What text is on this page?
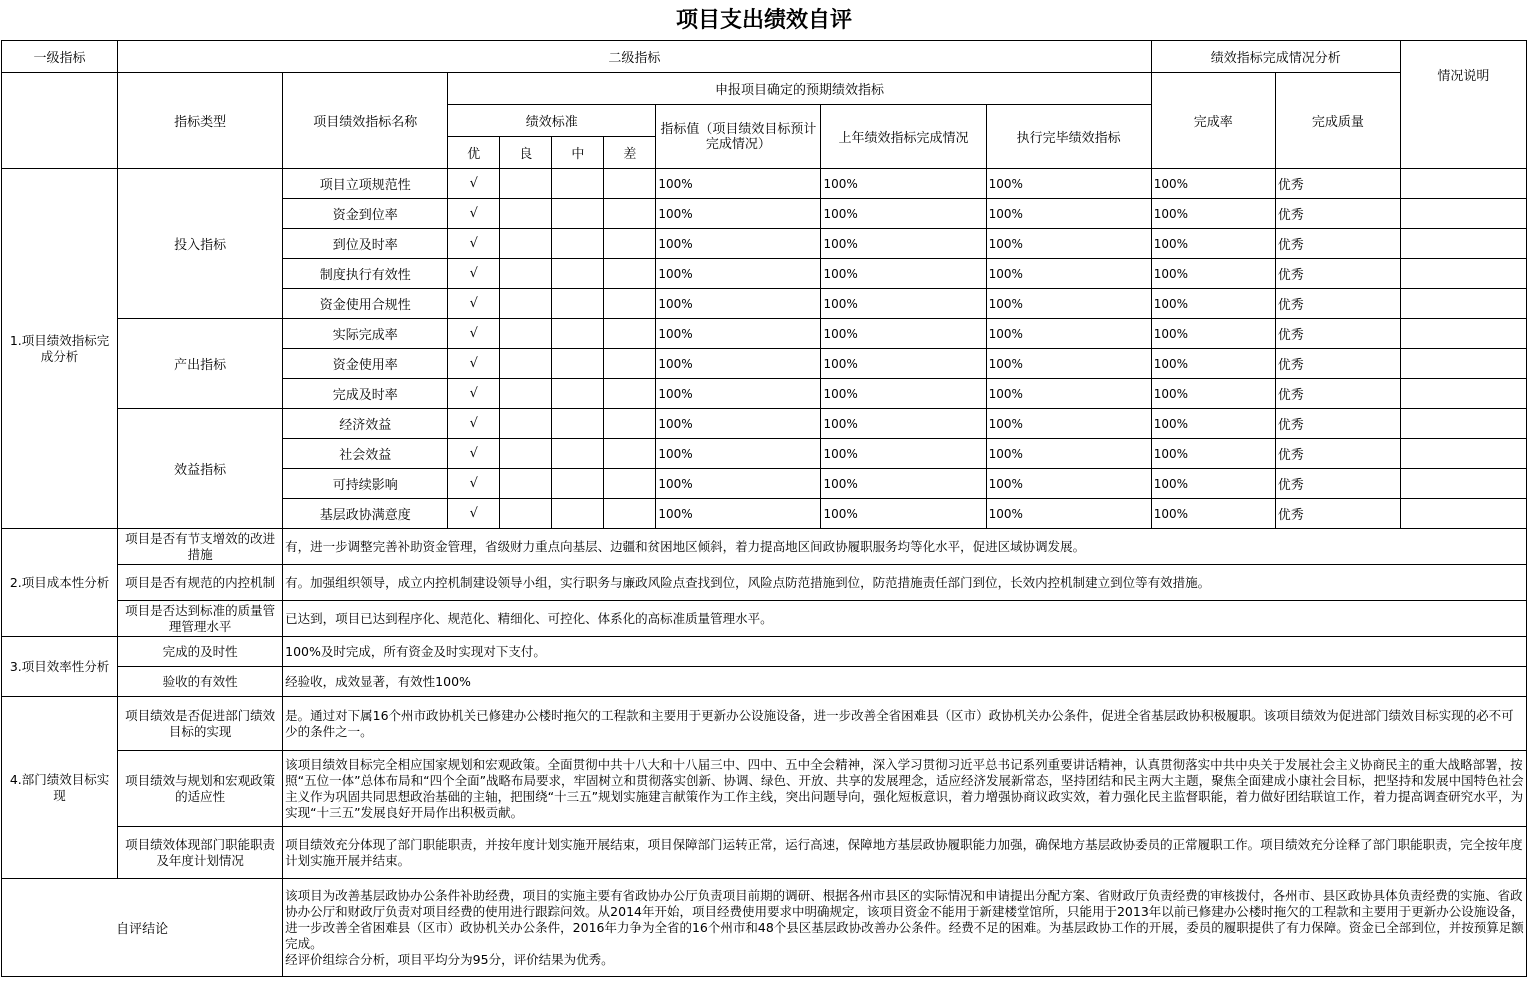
项目支出绩效自评
一级指标	二级指标									绩效指标完成情况分析		情况说明
	指标类型	项目绩效指标名称	申报项目确定的预期绩效指标							完成率	完成质量	
			绩效标准				指标值（项目绩效目标预计完成情况）	上年绩效指标完成情况	执行完毕绩效指标			
			优	良	中	差						
1.项目绩效指标完成分析	投入指标	项目立项规范性	√				100%	100%	100%	100%	优秀	
		资金到位率	√				100%	100%	100%	100%	优秀	
		到位及时率	√				100%	100%	100%	100%	优秀	
		制度执行有效性	√				100%	100%	100%	100%	优秀	
		资金使用合规性	√				100%	100%	100%	100%	优秀	
	产出指标	实际完成率	√				100%	100%	100%	100%	优秀	
		资金使用率	√				100%	100%	100%	100%	优秀	
		完成及时率	√				100%	100%	100%	100%	优秀	
	效益指标	经济效益	√				100%	100%	100%	100%	优秀	
		社会效益	√				100%	100%	100%	100%	优秀	
		可持续影响	√				100%	100%	100%	100%	优秀	
		基层政协满意度	√				100%	100%	100%	100%	优秀	
2.项目成本性分析	项目是否有节支增效的改进措施	有，进一步调整完善补助资金管理，省级财力重点向基层、边疆和贫困地区倾斜，着力提高地区间政协履职服务均等化水平，促进区域协调发展。										
	项目是否有规范的内控机制	有。加强组织领导，成立内控机制建设领导小组，实行职务与廉政风险点查找到位，风险点防范措施到位，防范措施责任部门到位，长效内控机制建立到位等有效措施。										
	项目是否达到标准的质量管理管理水平	已达到，项目已达到程序化、规范化、精细化、可控化、体系化的高标准质量管理水平。										
3.项目效率性分析	完成的及时性	100%及时完成，所有资金及时实现对下支付。										
	验收的有效性	经验收，成效显著，有效性100%										
4.部门绩效目标实现	项目绩效是否促进部门绩效目标的实现	是。通过对下属16个州市政协机关已修建办公楼时拖欠的工程款和主要用于更新办公设施设备，进一步改善全省困难县（区市）政协机关办公条件，促进全省基层政协积极履职。该项目绩效为促进部门绩效目标实现的必不可少的条件之一。										
	项目绩效与规划和宏观政策的适应性	该项目绩效目标完全相应国家规划和宏观政策。全面贯彻中共十八大和十八届三中、四中、五中全会精神，深入学习贯彻习近平总书记系列重要讲话精神，认真贯彻落实中共中央关于发展社会主义协商民主的重大战略部署，按照“五位一体”总体布局和“四个全面”战略布局要求，牢固树立和贯彻落实创新、协调、绿色、开放、共享的发展理念，适应经济发展新常态，坚持团结和民主两大主题，聚焦全面建成小康社会目标，把坚持和发展中国特色社会主义作为巩固共同思想政治基础的主轴，把围绕“十三五”规划实施建言献策作为工作主线，突出问题导向，强化短板意识，着力增强协商议政实效，着力强化民主监督职能，着力做好团结联谊工作，着力提高调查研究水平，为实现“十三五”发展良好开局作出积极贡献。										
	项目绩效体现部门职能职责及年度计划情况	项目绩效充分体现了部门职能职责，并按年度计划实施开展结束，项目保障部门运转正常，运行高速，保障地方基层政协履职能力加强，确保地方基层政协委员的正常履职工作。项目绩效充分诠释了部门职能职责，完全按年度计划实施开展并结束。										
自评结论		该项目为改善基层政协办公条件补助经费，项目的实施主要有省政协办公厅负责项目前期的调研、根据各州市县区的实际情况和申请提出分配方案、省财政厅负责经费的审核拨付，各州市、县区政协具体负责经费的实施、省政协办公厅和财政厅负责对项目经费的使用进行跟踪问效。从2014年开始，项目经费使用要求中明确规定，该项目资金不能用于新建楼堂馆所，只能用于2013年以前已修建办公楼时拖欠的工程款和主要用于更新办公设施设备，进一步改善全省困难县（区市）政协机关办公条件，2016年力争为全省的16个州市和48个县区基层政协改善办公条件。经费不足的困难。为基层政协工作的开展，委员的履职提供了有力保障。资金已全部到位，并按预算足额完成。
经评价组综合分析，项目平均分为95分，评价结果为优秀。										
